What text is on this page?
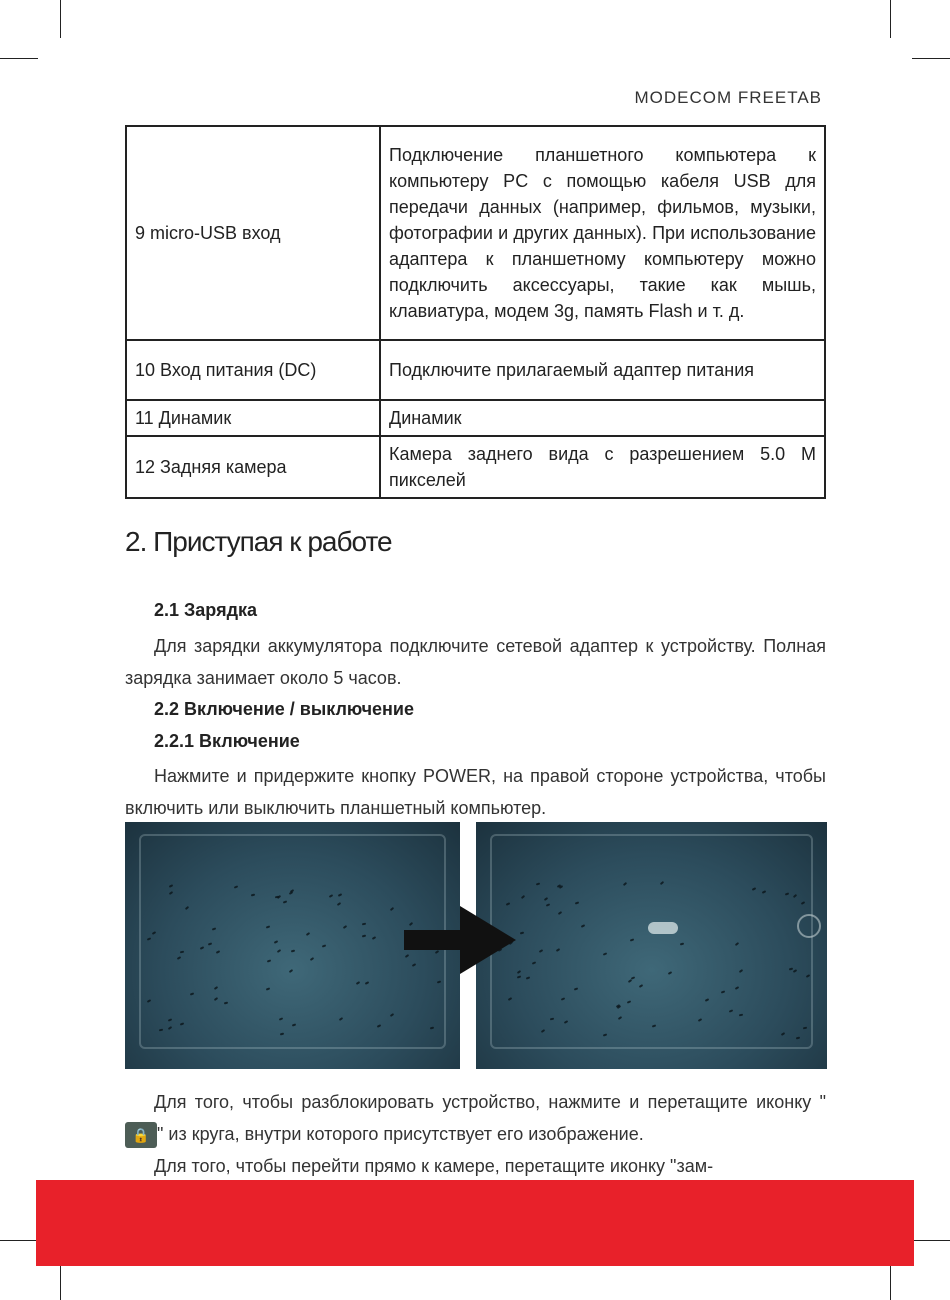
MODECOM FREETAB
9 micro-USB вход	Подключение планшетного компьютера к компьютеру PC с помощью кабеля USB для передачи данных (например, фильмов, музыки, фотографии и других данных). При использование адаптера к планшетному компьютеру можно подключить аксессуары, такие как мышь, клавиатура, модем 3g, память Flash и т. д.
10 Вход питания (DC)	Подключите прилагаемый адаптер питания
11 Динамик	Динамик
12 Задняя камера	Камера заднего вида с разрешением 5.0 М пикселей
2. Приступая к работе
2.1 Зарядка
Для зарядки аккумулятора подключите сетевой адаптер к устройству. Полная зарядка занимает около 5 часов.
2.2 Включение / выключение
2.2.1 Включение
Нажмите и придержите кнопку POWER, на правой стороне устройства, чтобы включить или выключить планшетный компьютер.
Для того, чтобы разблокировать устройство, нажмите и перетащите иконку "🔒 " из круга, внутри которого присутствует его изображение.
Для того, чтобы перейти прямо к камере, перетащите иконку "зам-
